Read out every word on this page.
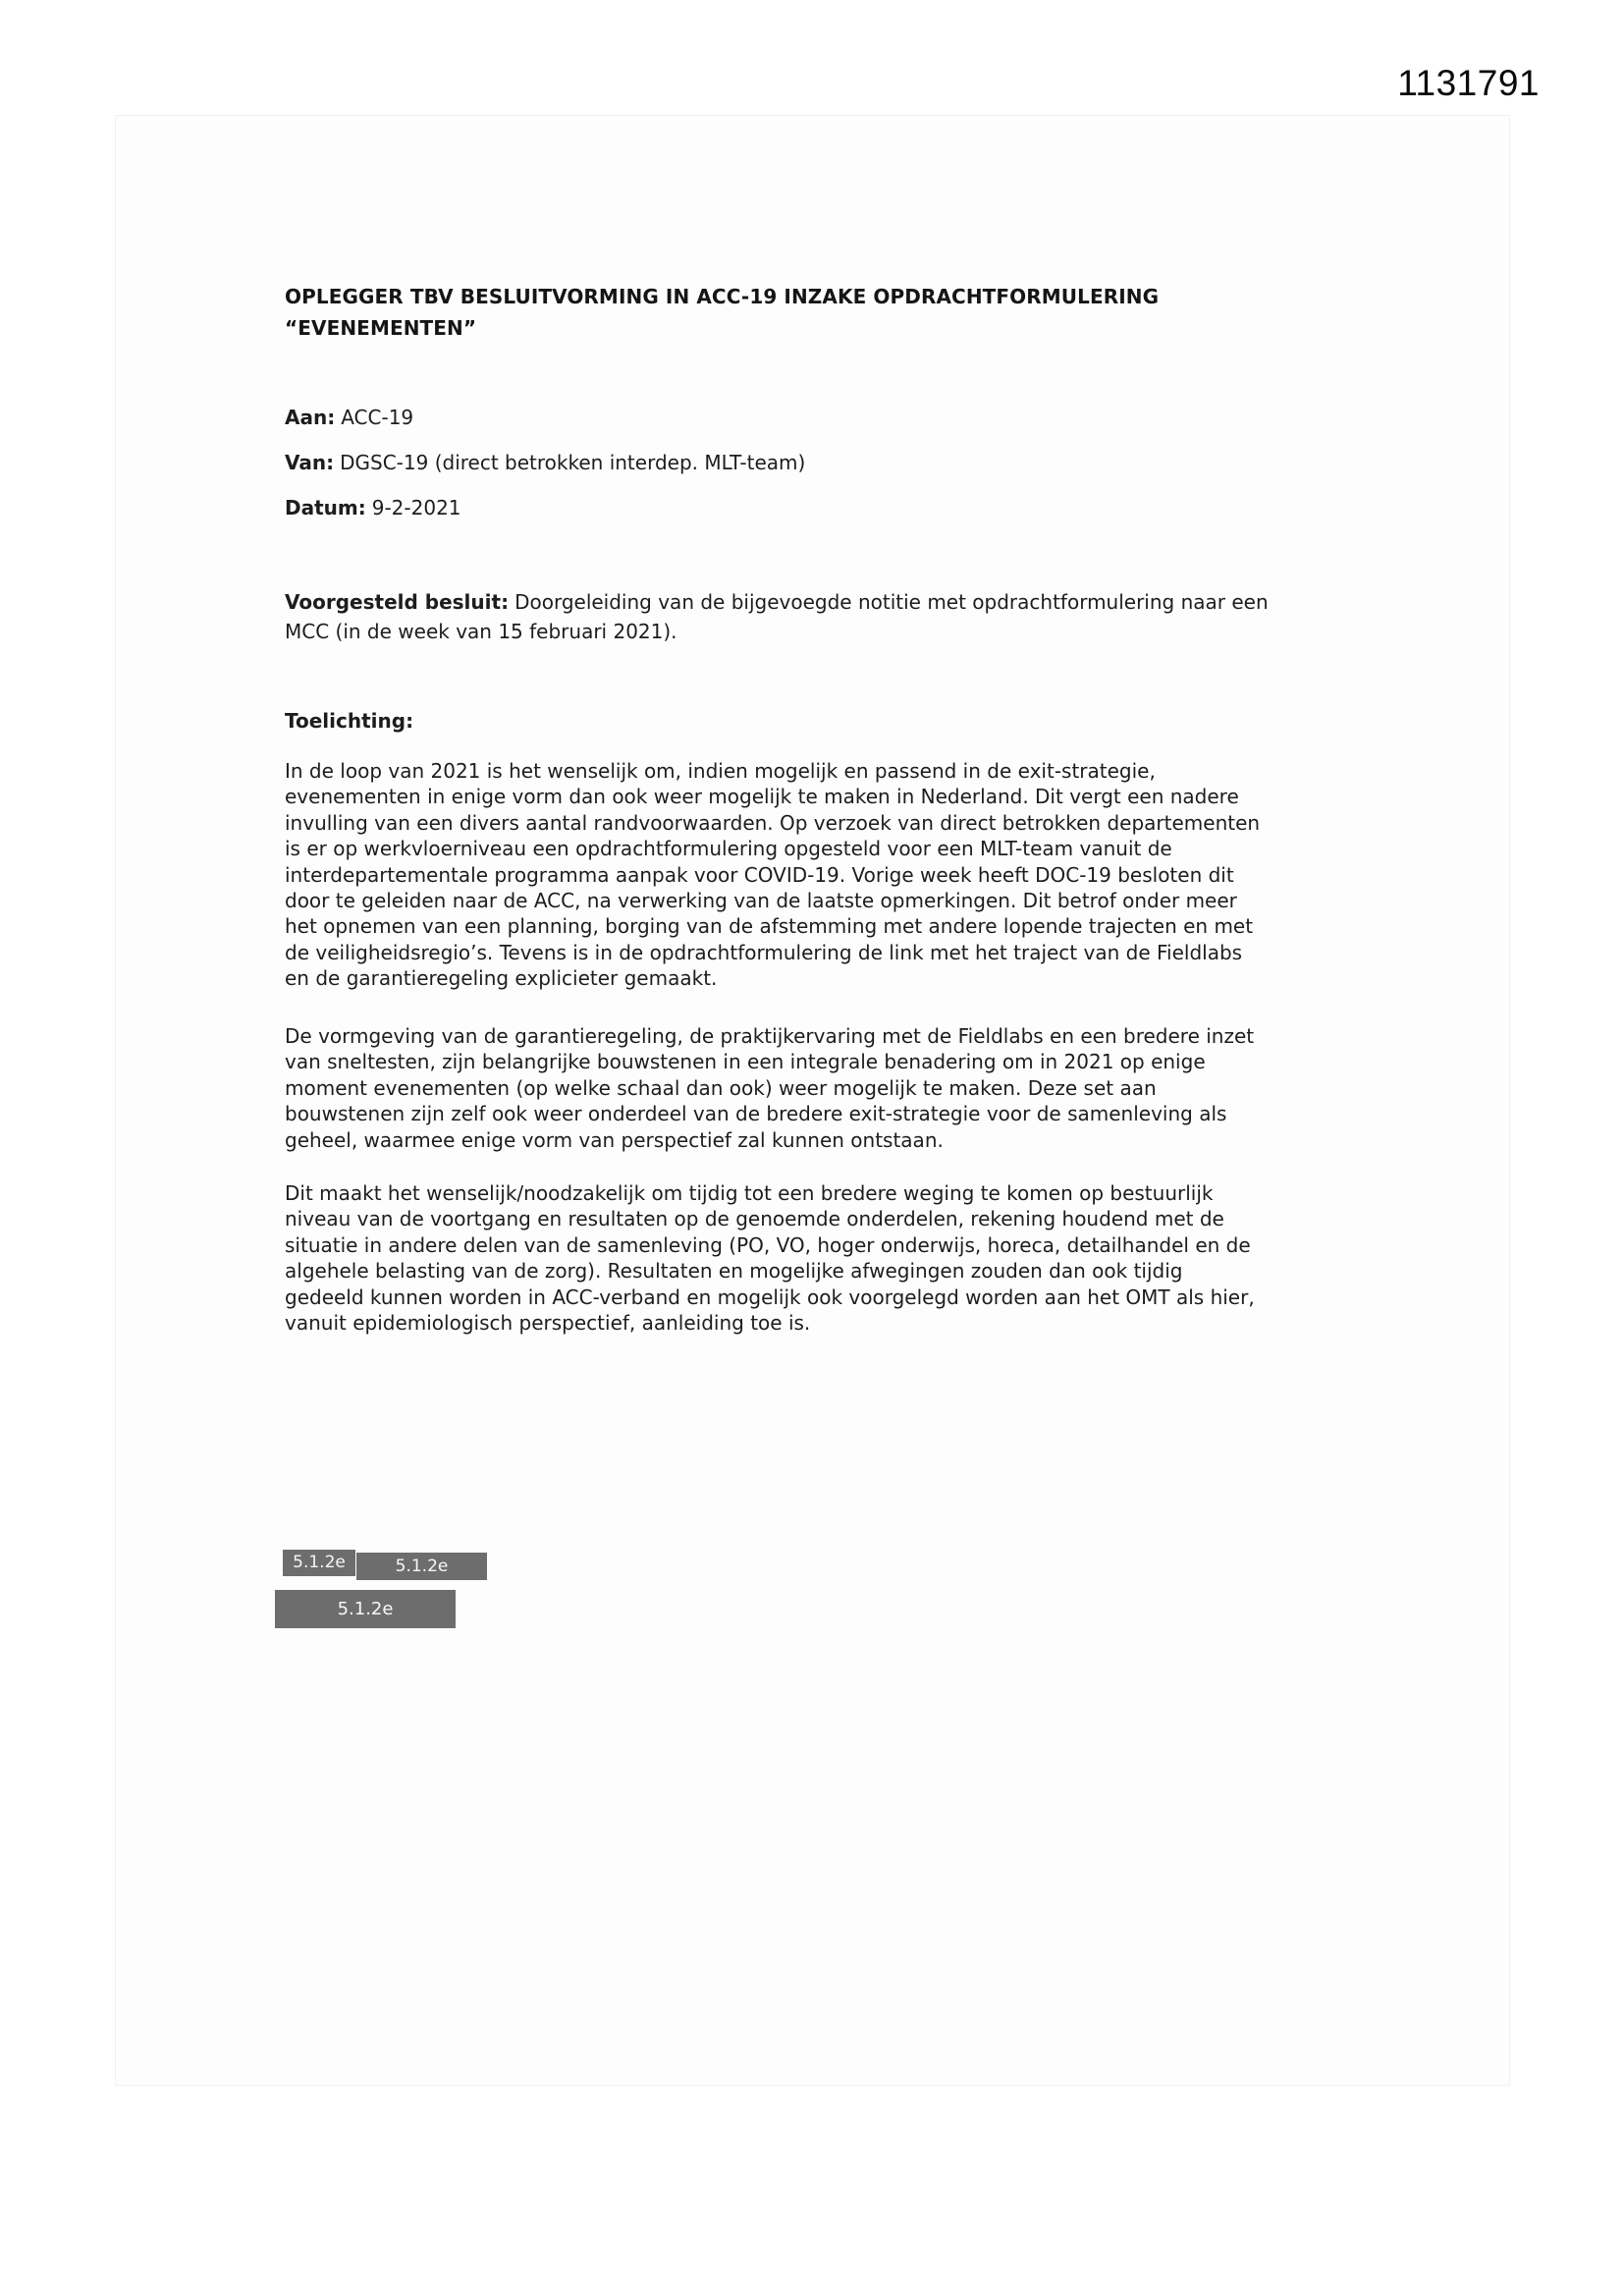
1131791
OPLEGGER TBV BESLUITVORMING IN ACC-19 INZAKE OPDRACHTFORMULERING
“EVENEMENTEN”
Aan: ACC-19
Van: DGSC-19 (direct betrokken interdep. MLT-team)
Datum: 9-2-2021
Voorgesteld besluit: Doorgeleiding van de bijgevoegde notitie met opdrachtformulering naar een
MCC (in de week van 15 februari 2021).
Toelichting:
In de loop van 2021 is het wenselijk om, indien mogelijk en passend in de exit-strategie,
evenementen in enige vorm dan ook weer mogelijk te maken in Nederland. Dit vergt een nadere
invulling van een divers aantal randvoorwaarden. Op verzoek van direct betrokken departementen
is er op werkvloerniveau een opdrachtformulering opgesteld voor een MLT-team vanuit de
interdepartementale programma aanpak voor COVID-19. Vorige week heeft DOC-19 besloten dit
door te geleiden naar de ACC, na verwerking van de laatste opmerkingen. Dit betrof onder meer
het opnemen van een planning, borging van de afstemming met andere lopende trajecten en met
de veiligheidsregio’s. Tevens is in de opdrachtformulering de link met het traject van de Fieldlabs
en de garantieregeling explicieter gemaakt.
De vormgeving van de garantieregeling, de praktijkervaring met de Fieldlabs en een bredere inzet
van sneltesten, zijn belangrijke bouwstenen in een integrale benadering om in 2021 op enige
moment evenementen (op welke schaal dan ook) weer mogelijk te maken. Deze set aan
bouwstenen zijn zelf ook weer onderdeel van de bredere exit-strategie voor de samenleving als
geheel, waarmee enige vorm van perspectief zal kunnen ontstaan.
Dit maakt het wenselijk/noodzakelijk om tijdig tot een bredere weging te komen op bestuurlijk
niveau van de voortgang en resultaten op de genoemde onderdelen, rekening houdend met de
situatie in andere delen van de samenleving (PO, VO, hoger onderwijs, horeca, detailhandel en de
algehele belasting van de zorg). Resultaten en mogelijke afwegingen zouden dan ook tijdig
gedeeld kunnen worden in ACC-verband en mogelijk ook voorgelegd worden aan het OMT als hier,
vanuit epidemiologisch perspectief, aanleiding toe is.
5.1.2e	5.1.2e
5.1.2e
